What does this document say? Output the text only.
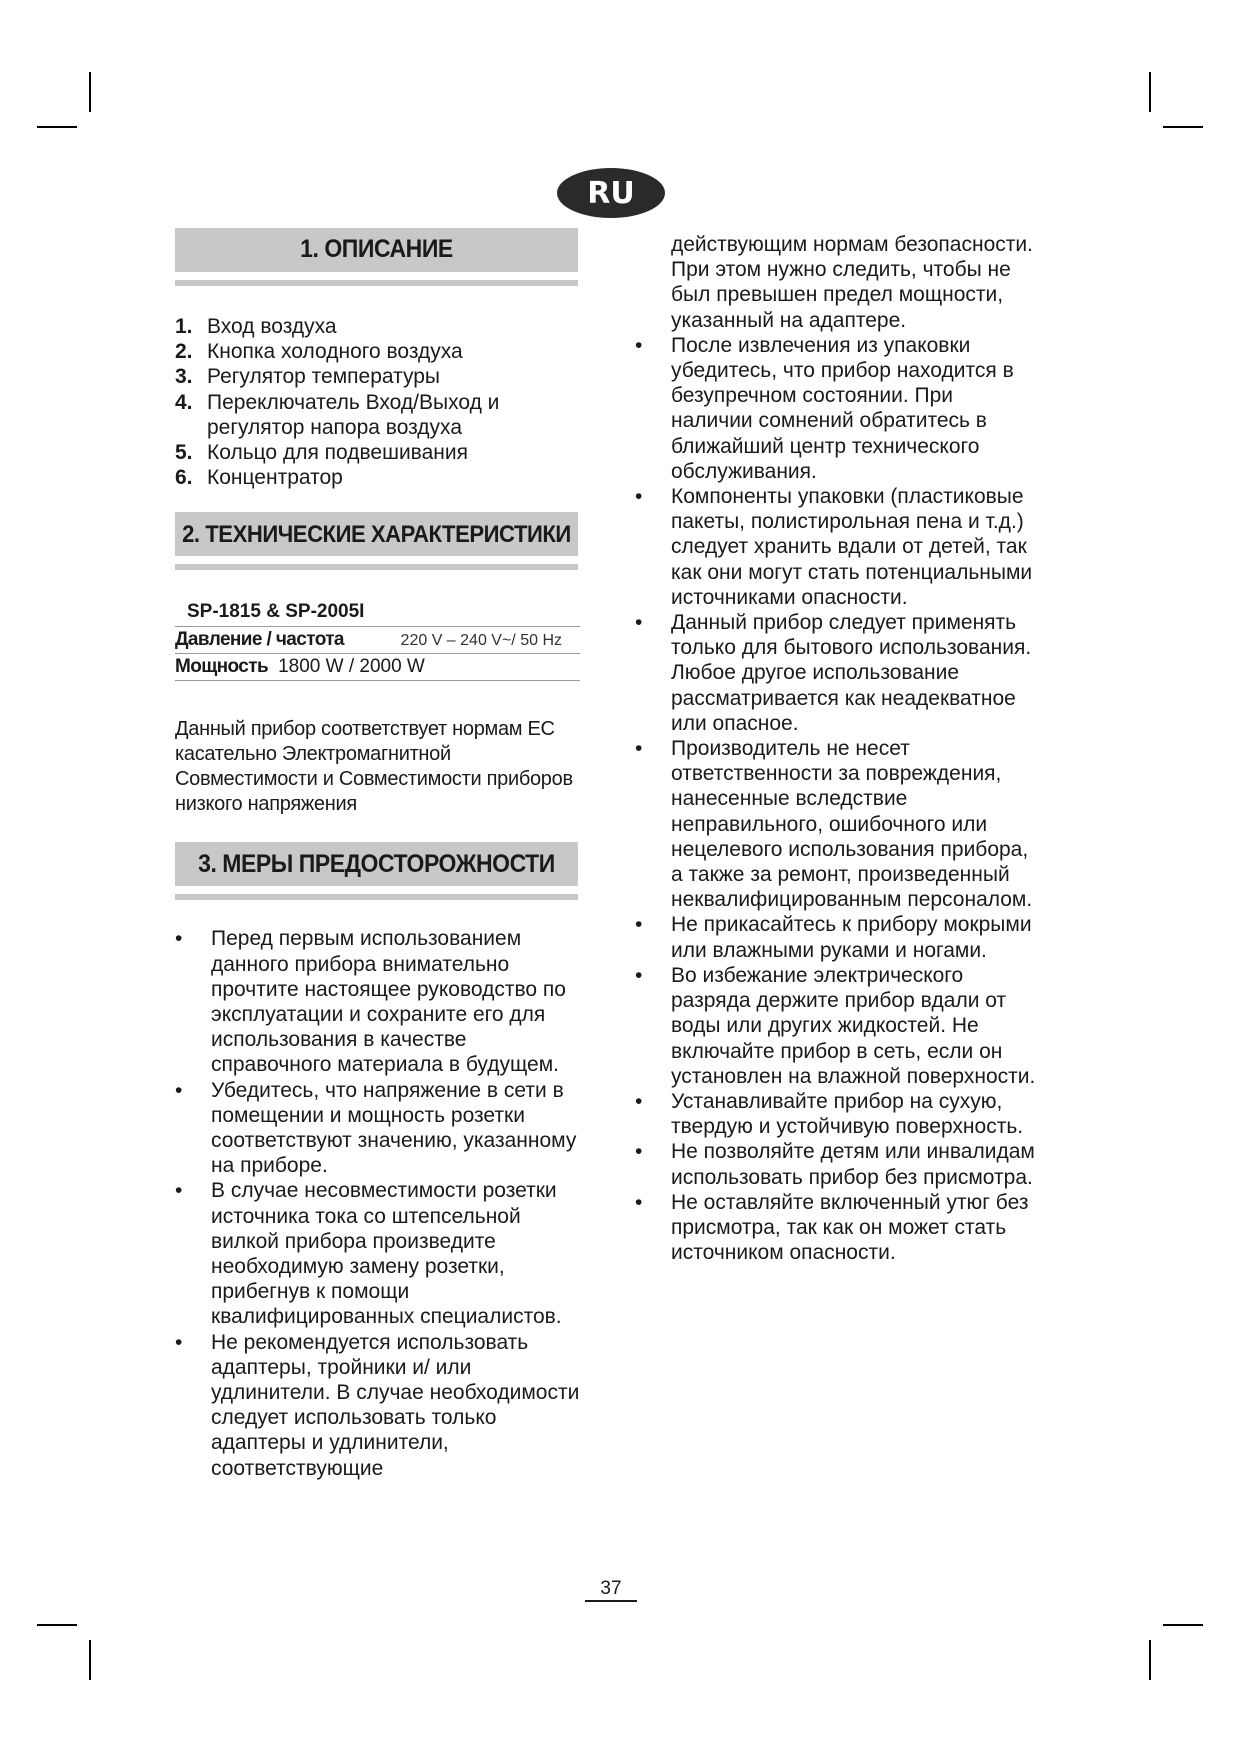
RU
1. ОПИСАНИЕ
1. Вход воздуха
2. Кнопка холодного воздуха
3. Регулятор температуры
4. Переключатель Вход/Выход и регулятор напора воздуха
5. Кольцо для подвешивания
6. Концентратор
2. ТЕХНИЧЕСКИЕ ХАРАКТЕРИСТИКИ
SP-1815 & SP-2005I
Давление / частота	220 V – 240 V~/ 50 Hz
Мощность 1800 W / 2000 W
Данный прибор соответствует нормам ЕС касательно Электромагнитной Совместимости и Совместимости приборов низкого напряжения
3. МЕРЫ ПРЕДОСТОРОЖНОСТИ
• Перед первым использованием данного прибора внимательно прочтите настоящее руководство по эксплуатации и сохраните его для использования в качестве справочного материала в будущем.
• Убедитесь, что напряжение в сети в помещении и мощность розетки соответствуют значению, указанному на приборе.
• В случае несовместимости розетки источника тока со штепсельной вилкой прибора произведите необходимую замену розетки, прибегнув к помощи квалифицированных специалистов.
• Не рекомендуется использовать адаптеры, тройники и/ или удлинители. В случае необходимости следует использовать только адаптеры и удлинители, соответствующие
действующим нормам безопасности. При этом нужно следить, чтобы не был превышен предел мощности, указанный на адаптере.
• После извлечения из упаковки убедитесь, что прибор находится в безупречном состоянии. При наличии сомнений обратитесь в ближайший центр технического обслуживания.
• Компоненты упаковки (пластиковые пакеты, полистирольная пена и т.д.) следует хранить вдали от детей, так как они могут стать потенциальными источниками опасности.
• Данный прибор следует применять только для бытового использования. Любое другое использование рассматривается как неадекватное или опасное.
• Производитель не несет ответственности за повреждения, нанесенные вследствие неправильного, ошибочного или нецелевого использования прибора, а также за ремонт, произведенный неквалифицированным персоналом.
• Не прикасайтесь к прибору мокрыми или влажными руками и ногами.
• Во избежание электрического разряда держите прибор вдали от воды или других жидкостей. Не включайте прибор в сеть, если он установлен на влажной поверхности.
• Устанавливайте прибор на сухую, твердую и устойчивую поверхность.
• Не позволяйте детям или инвалидам использовать прибор без присмотра.
• Не оставляйте включенный утюг без присмотра, так как он может стать источником опасности.
37
